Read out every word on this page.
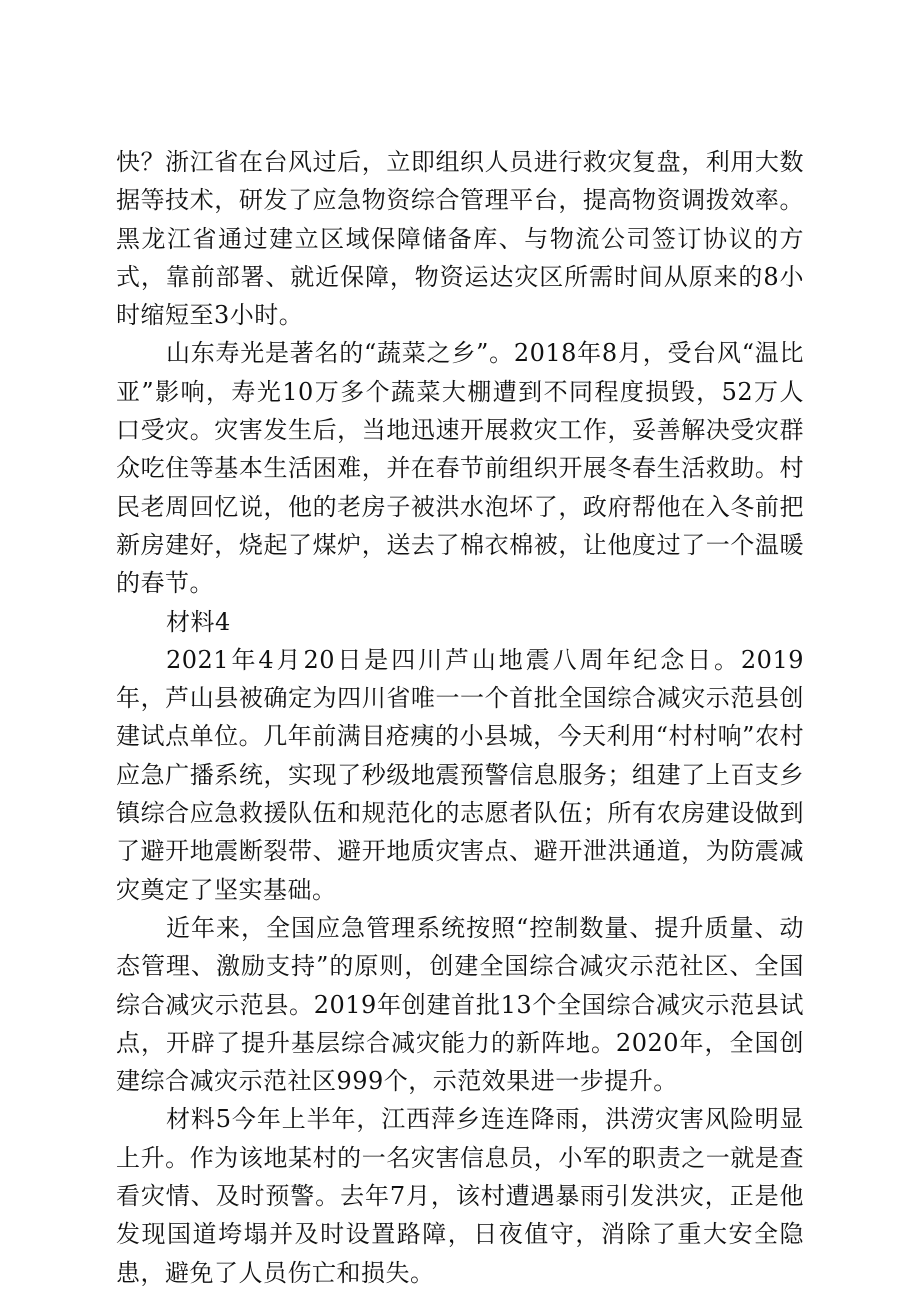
快？浙江省在台风过后，立即组织人员进行救灾复盘，利用大数据等技术，研发了应急物资综合管理平台，提高物资调拨效率。黑龙江省通过建立区域保障储备库、与物流公司签订协议的方式，靠前部署、就近保障，物资运达灾区所需时间从原来的8小时缩短至3小时。

山东寿光是著名的“蔬菜之乡”。2018年8月，受台风“温比亚”影响，寿光10万多个蔬菜大棚遭到不同程度损毁，52万人口受灾。灾害发生后，当地迅速开展救灾工作，妥善解决受灾群众吃住等基本生活困难，并在春节前组织开展冬春生活救助。村民老周回忆说，他的老房子被洪水泡坏了，政府帮他在入冬前把新房建好，烧起了煤炉，送去了棉衣棉被，让他度过了一个温暖的春节。

材料4

2021年4月20日是四川芦山地震八周年纪念日。2019年，芦山县被确定为四川省唯一一个首批全国综合减灾示范县创建试点单位。几年前满目疮痍的小县城，今天利用“村村响”农村应急广播系统，实现了秒级地震预警信息服务；组建了上百支乡镇综合应急救援队伍和规范化的志愿者队伍；所有农房建设做到了避开地震断裂带、避开地质灾害点、避开泄洪通道，为防震减灾奠定了坚实基础。

近年来，全国应急管理系统按照“控制数量、提升质量、动态管理、激励支持”的原则，创建全国综合减灾示范社区、全国综合减灾示范县。2019年创建首批13个全国综合减灾示范县试点，开辟了提升基层综合减灾能力的新阵地。2020年，全国创建综合减灾示范社区999个，示范效果进一步提升。

材料5今年上半年，江西萍乡连连降雨，洪涝灾害风险明显上升。作为该地某村的一名灾害信息员，小军的职责之一就是查看灾情、及时预警。去年7月，该村遭遇暴雨引发洪灾，正是他发现国道垮塌并及时设置路障，日夜值守，消除了重大安全隐患，避免了人员伤亡和损失。
